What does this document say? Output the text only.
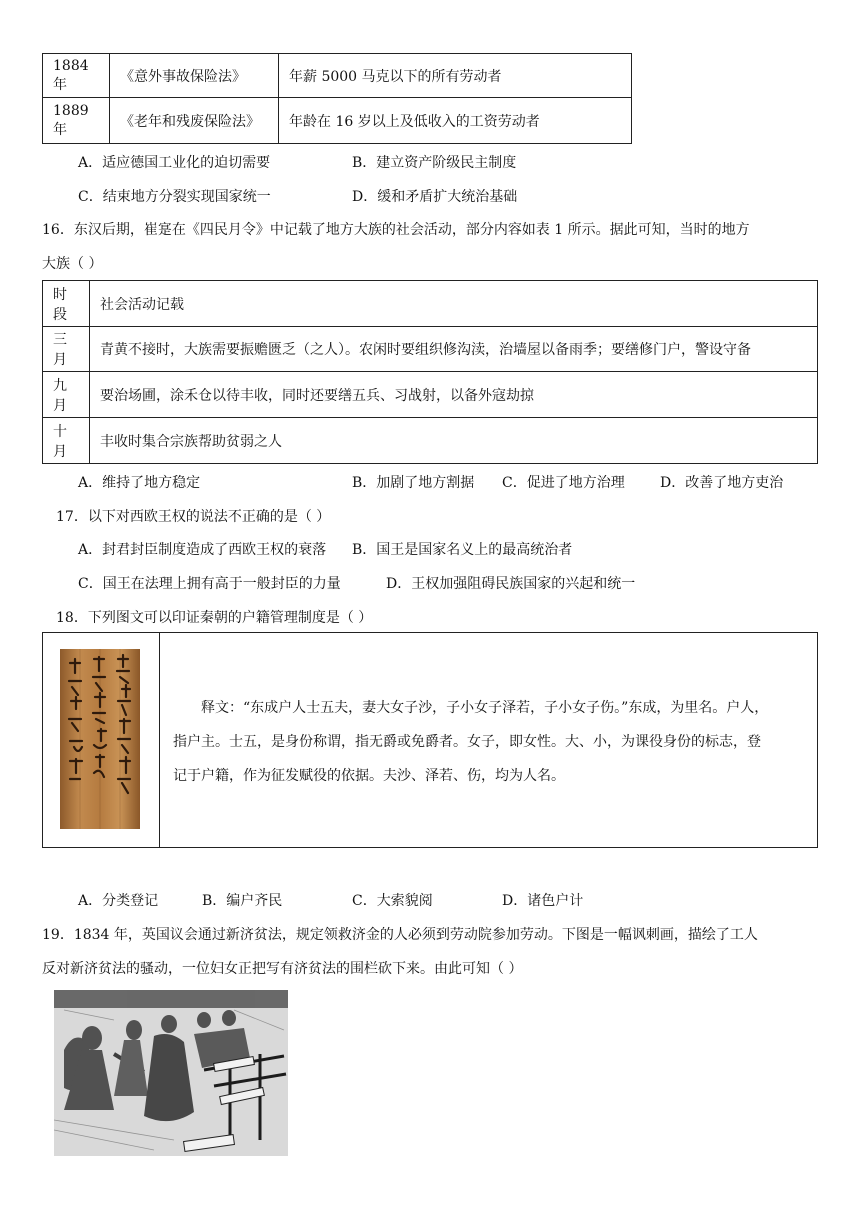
1884 年	《意外事故保险法》	年薪 5000 马克以下的所有劳动者
1889 年	《老年和残废保险法》	年龄在 16 岁以上及低收入的工资劳动者
A．适应德国工业化的迫切需要	B．建立资产阶级民主制度
C．结束地方分裂实现国家统一	D．缓和矛盾扩大统治基础
16．东汉后期，崔寔在《四民月令》中记载了地方大族的社会活动，部分内容如表 1 所示。据此可知，当时的地方
大族（ ）
时段	社会活动记载
三月	青黄不接时，大族需要振赡匮乏（之人）。农闲时要组织修沟渎，治墙屋以备雨季；要缮修门户，警设守备
九月	要治场圃，涂禾仓以待丰收，同时还要缮五兵、习战射，以备外寇劫掠
十月	丰收时集合宗族帮助贫弱之人
A．维持了地方稳定	B．加剧了地方割据 C．促进了地方治理	D．改善了地方吏治
17．以下对西欧王权的说法不正确的是（ ）
A．封君封臣制度造成了西欧王权的衰落 B．国王是国家名义上的最高统治者
C．国王在法理上拥有高于一般封臣的力量	D．王权加强阻碍民族国家的兴起和统一
18．下列图文可以印证秦朝的户籍管理制度是（ ）
释文：“东成户人士五夫，妻大女子沙，子小女子泽若，子小女子伤。”东成，为里名。户人，
指户主。士五，是身份称谓，指无爵或免爵者。女子，即女性。大、小，为课役身份的标志，登
记于户籍，作为征发赋役的依据。夫沙、泽若、伤，均为人名。
A．分类登记	B．编户齐民	C．大索貌阅	D．诸色户计
19．1834 年，英国议会通过新济贫法，规定领救济金的人必须到劳动院参加劳动。下图是一幅讽刺画，描绘了工人
反对新济贫法的骚动，一位妇女正把写有济贫法的围栏砍下来。由此可知（ ）
